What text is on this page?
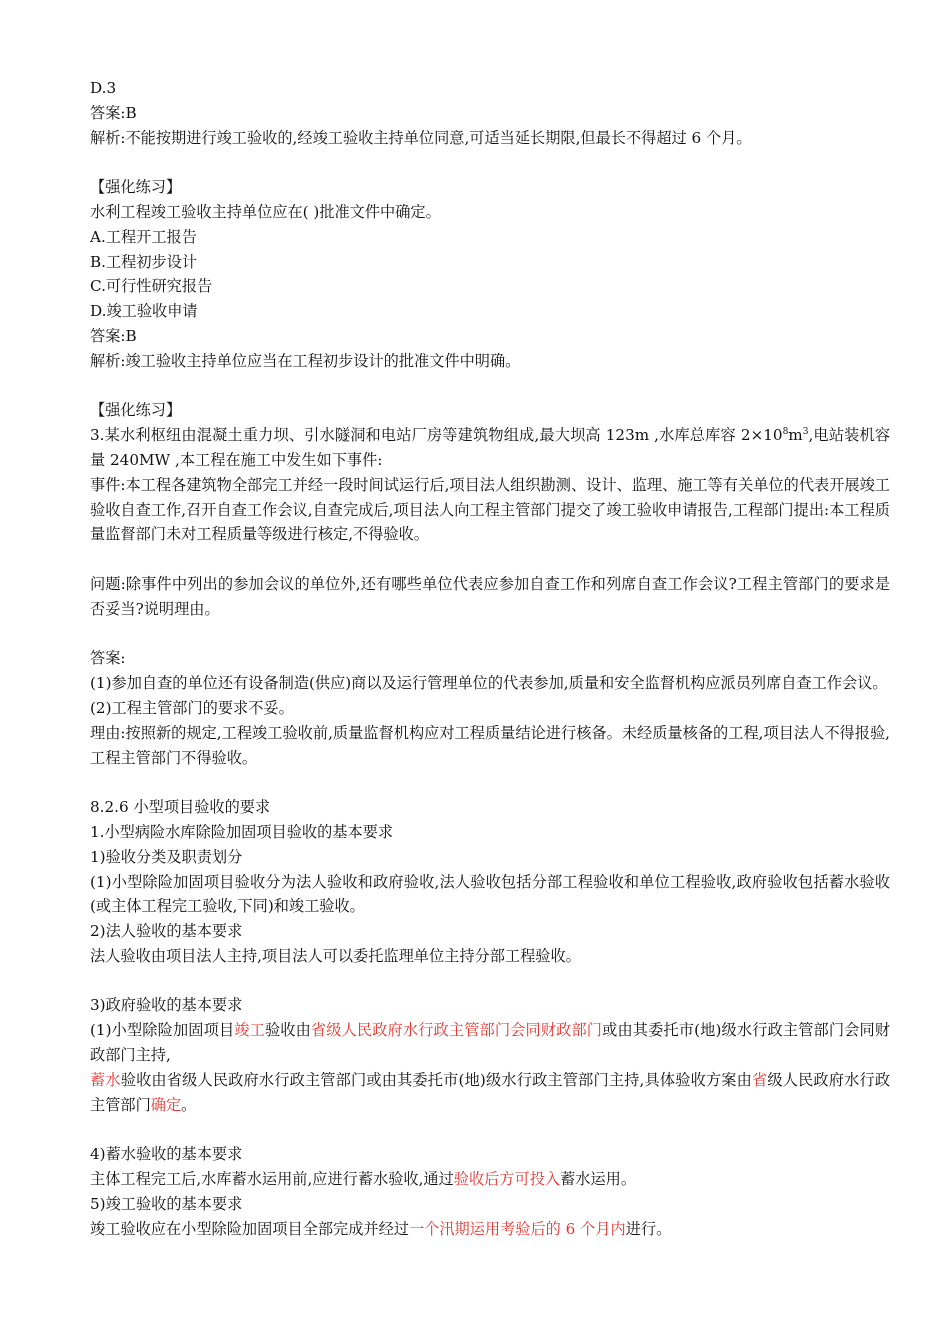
D.3
答案:B
解析:不能按期进行竣工验收的,经竣工验收主持单位同意,可适当延长期限,但最长不得超过 6 个月。
【强化练习】
水利工程竣工验收主持单位应在( )批准文件中确定。
A.工程开工报告
B.工程初步设计
C.可行性研究报告
D.竣工验收申请
答案:B
解析:竣工验收主持单位应当在工程初步设计的批准文件中明确。
【强化练习】
3.某水利枢纽由混凝土重力坝、引水隧洞和电站厂房等建筑物组成,最大坝高 123m ,水库总库容 $2\times 10^8m^3$,电站装机容量 240MW ,本工程在施工中发生如下事件:
事件:本工程各建筑物全部完工并经一段时间试运行后,项目法人组织勘测、设计、监理、施工等有关单位的代表开展竣工验收自查工作,召开自查工作会议,自查完成后,项目法人向工程主管部门提交了竣工验收申请报告,工程部门提出:本工程质量监督部门未对工程质量等级进行核定,不得验收。
问题:除事件中列出的参加会议的单位外,还有哪些单位代表应参加自查工作和列席自查工作会议?工程主管部门的要求是否妥当?说明理由。
答案:
(1)参加自查的单位还有设备制造(供应)商以及运行管理单位的代表参加,质量和安全监督机构应派员列席自查工作会议。
(2)工程主管部门的要求不妥。
理由:按照新的规定,工程竣工验收前,质量监督机构应对工程质量结论进行核备。未经质量核备的工程,项目法人不得报验,工程主管部门不得验收。
8.2.6 小型项目验收的要求
1.小型病险水库除险加固项目验收的基本要求
1)验收分类及职责划分
(1)小型除险加固项目验收分为法人验收和政府验收,法人验收包括分部工程验收和单位工程验收,政府验收包括蓄水验收(或主体工程完工验收,下同)和竣工验收。
2)法人验收的基本要求
法人验收由项目法人主持,项目法人可以委托监理单位主持分部工程验收。
3)政府验收的基本要求
(1)小型除险加固项目竣工验收由省级人民政府水行政主管部门会同财政部门或由其委托市(地)级水行政主管部门会同财政部门主持,
蓄水验收由省级人民政府水行政主管部门或由其委托市(地)级水行政主管部门主持,具体验收方案由省级人民政府水行政主管部门确定。
4)蓄水验收的基本要求
主体工程完工后,水库蓄水运用前,应进行蓄水验收,通过验收后方可投入蓄水运用。
5)竣工验收的基本要求
竣工验收应在小型除险加固项目全部完成并经过一个汛期运用考验后的 6 个月内进行。
